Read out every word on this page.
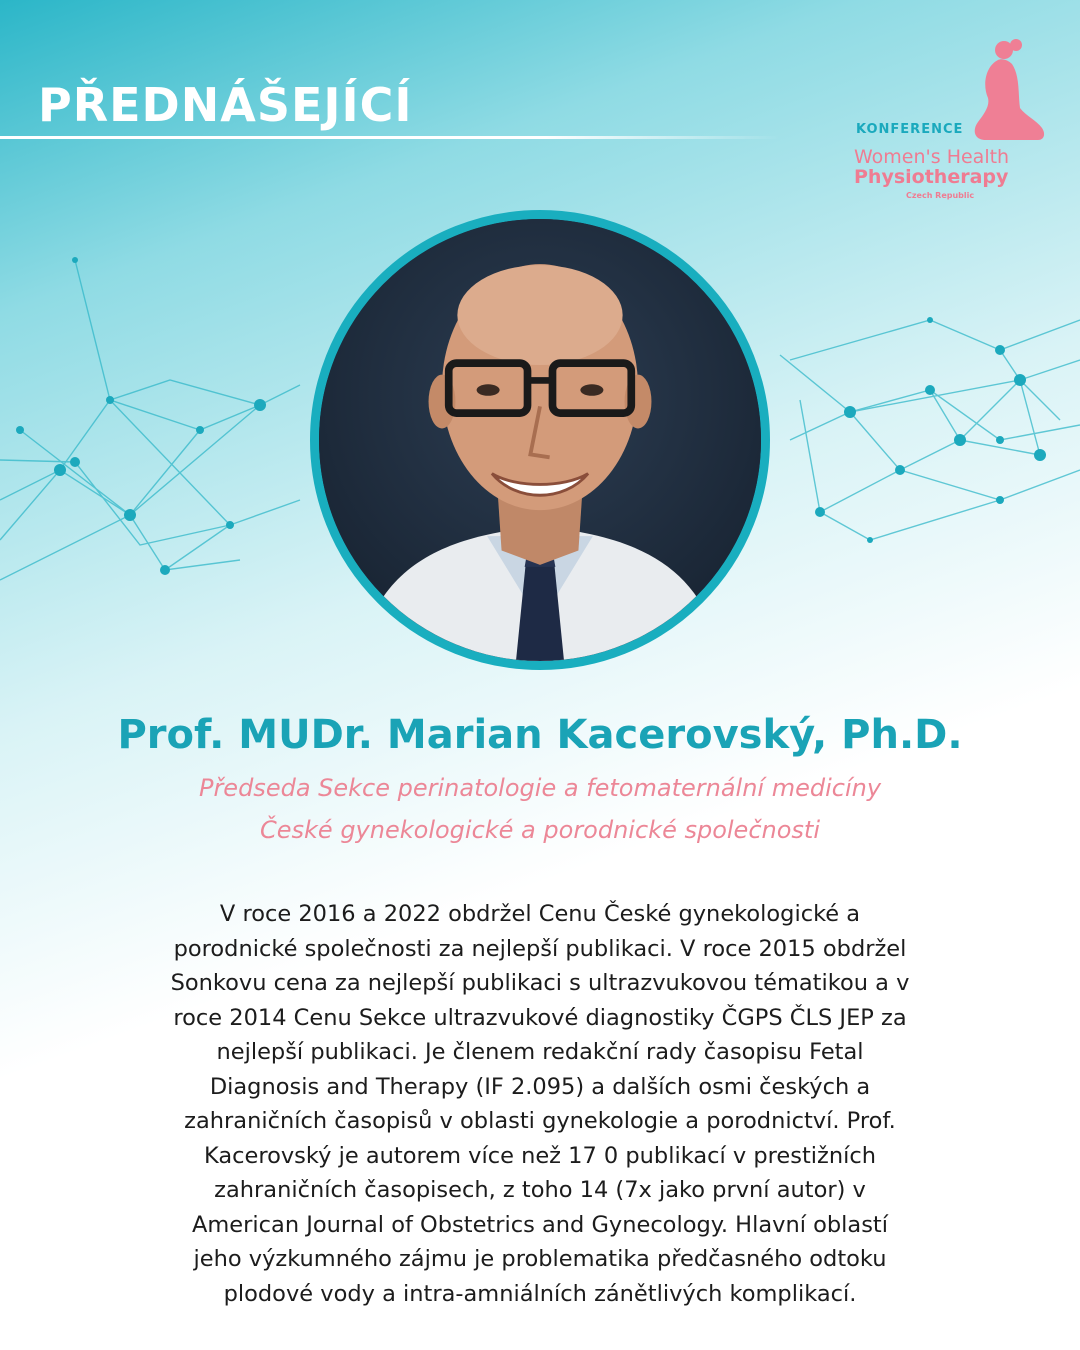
PŘEDNÁŠEJÍCÍ	KONFERENCE
Women's Health
Physiotherapy
Czech Republic
Prof. MUDr. Marian Kacerovský, Ph.D.
Předseda Sekce perinatologie a fetomaternální medicíny
České gynekologické a porodnické společnosti
V roce 2016 a 2022 obdržel Cenu České gynekologické a
porodnické společnosti za nejlepší publikaci. V roce 2015 obdržel
Sonkovu cena za nejlepší publikaci s ultrazvukovou tématikou a v
roce 2014 Cenu Sekce ultrazvukové diagnostiky ČGPS ČLS JEP za
nejlepší publikaci. Je členem redakční rady časopisu Fetal
Diagnosis and Therapy (IF 2.095) a dalších osmi českých a
zahraničních časopisů v oblasti gynekologie a porodnictví. Prof.
Kacerovský je autorem více než 17 0 publikací v prestižních
zahraničních časopisech, z toho 14 (7x jako první autor) v
American Journal of Obstetrics and Gynecology. Hlavní oblastí
jeho výzkumného zájmu je problematika předčasného odtoku
plodové vody a intra-amniálních zánětlivých komplikací.
